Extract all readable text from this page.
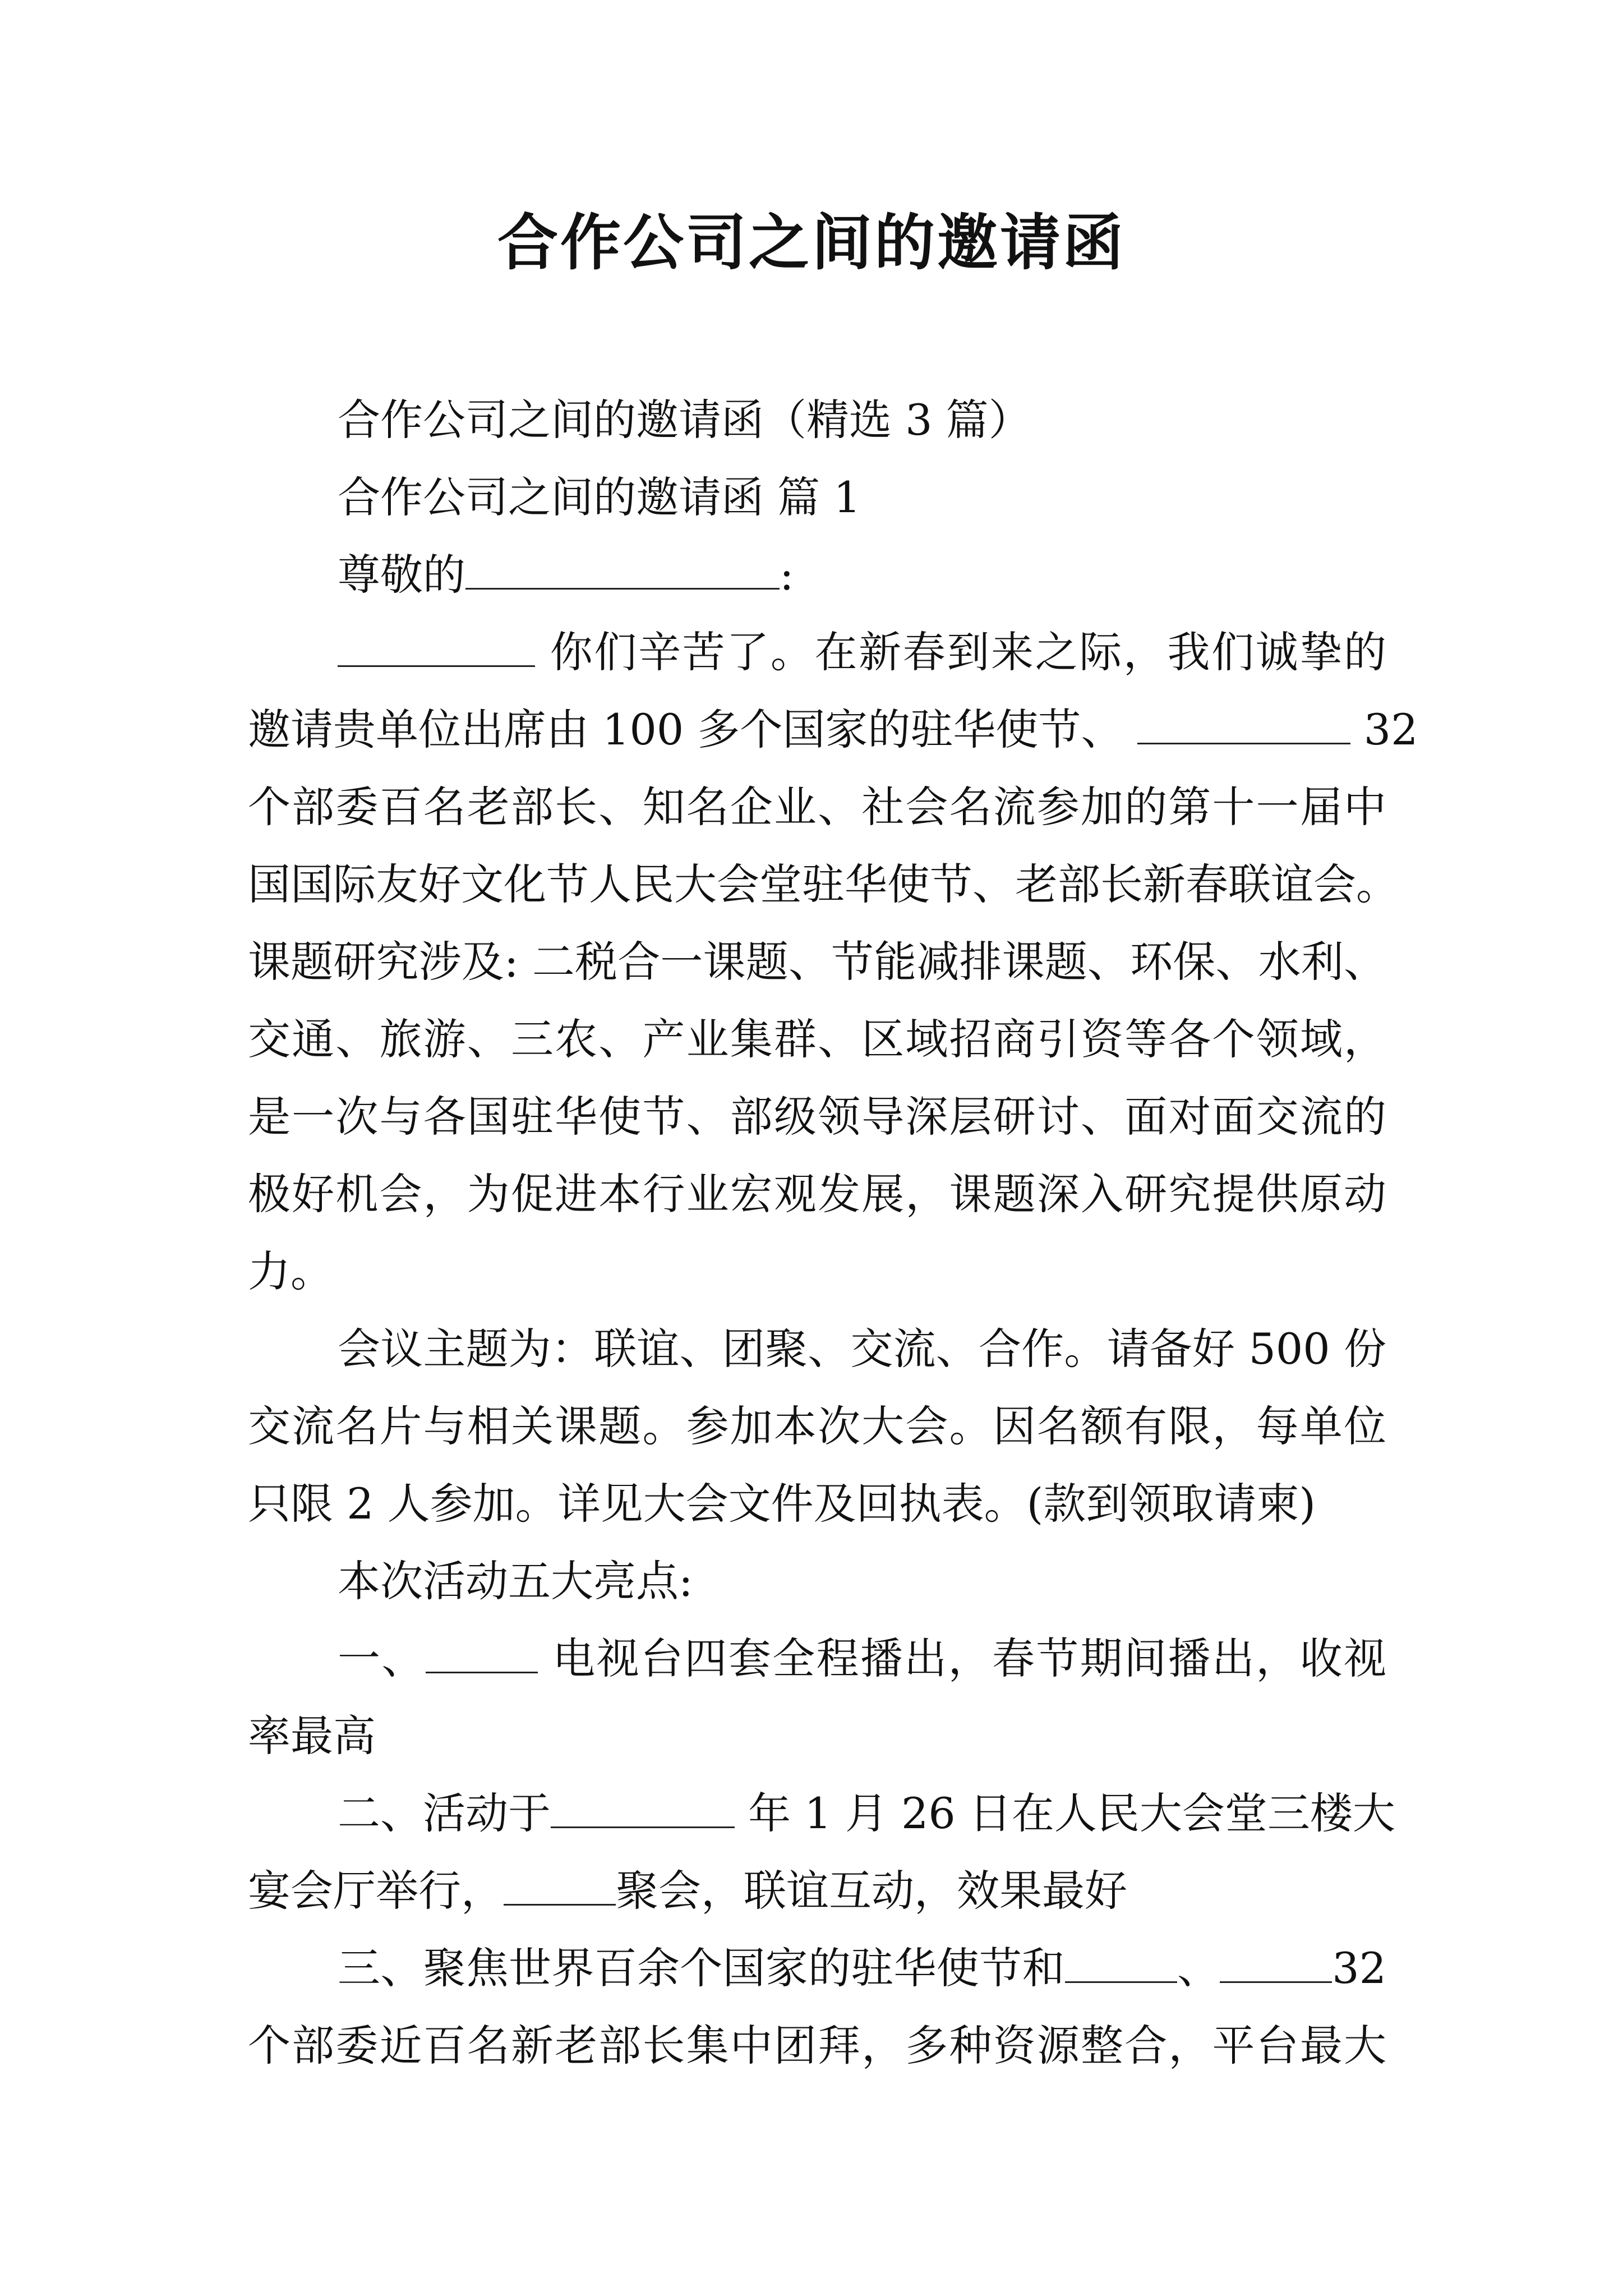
合作公司之间的邀请函
合作公司之间的邀请函（精选 3 篇）
合作公司之间的邀请函 篇 1
尊敬的	:
你们辛苦了。在新春到来之际，我们诚挚的
邀请贵单位出席由 100 多个国家的驻华使节、	32
个部委百名老部长、知名企业、社会名流参加的第十一届中
国国际友好文化节人民大会堂驻华使节、老部长新春联谊会。
课题研究涉及: 二税合一课题、节能减排课题、环保、水利、
交通、旅游、三农、产业集群、区域招商引资等各个领域，
是一次与各国驻华使节、部级领导深层研讨、面对面交流的
极好机会，为促进本行业宏观发展，课题深入研究提供原动
力。
会议主题为：联谊、团聚、交流、合作。请备好 500 份
交流名片与相关课题。参加本次大会。因名额有限，每单位
只限 2 人参加。详见大会文件及回执表。(款到领取请柬)
本次活动五大亮点:
一、	电视台四套全程播出，春节期间播出，收视
率最高
二、活动于	年 1 月 26 日在人民大会堂三楼大
宴会厅举行，	聚会，联谊互动，效果最好
三、聚焦世界百余个国家的驻华使节和	、	32
个部委近百名新老部长集中团拜，多种资源整合，平台最大
